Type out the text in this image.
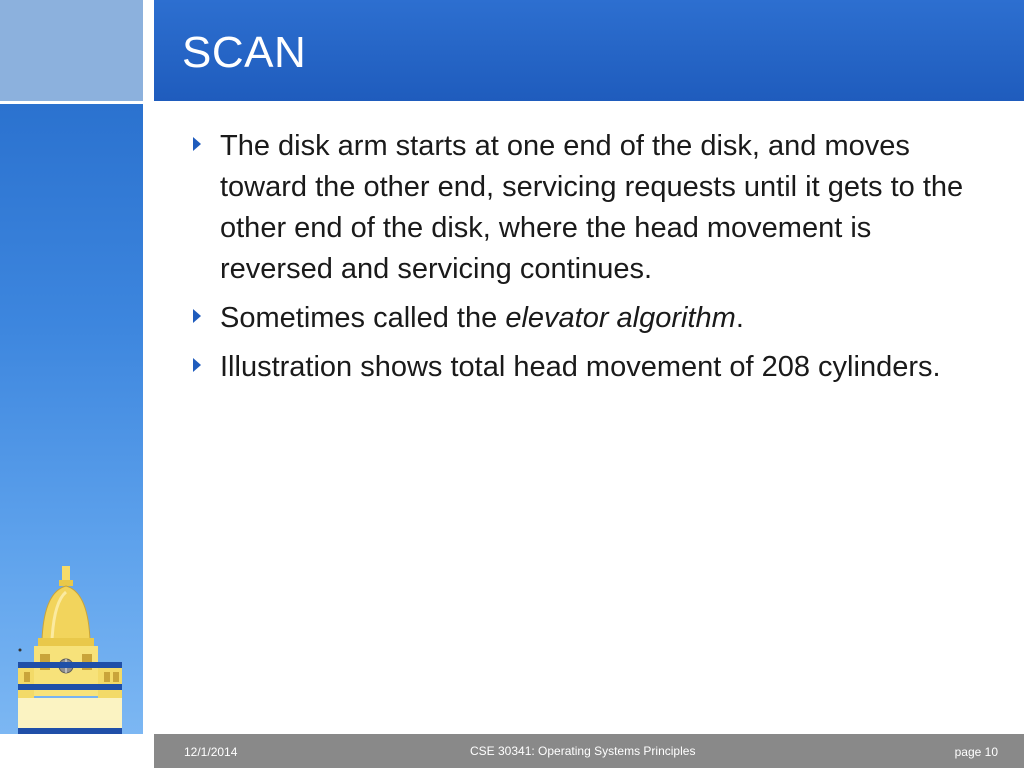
SCAN
The disk arm starts at one end of the disk, and moves toward the other end, servicing requests until it gets to the other end of the disk, where the head movement is reversed and servicing continues.
Sometimes called the elevator algorithm.
Illustration shows total head movement of 208 cylinders.
12/1/2014	CSE 30341: Operating Systems Principles	page 10
